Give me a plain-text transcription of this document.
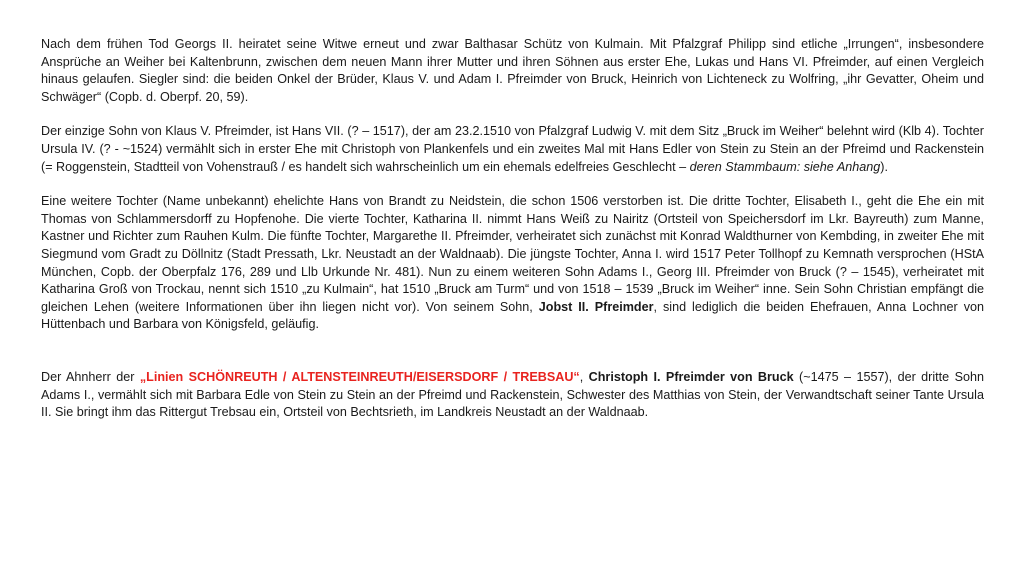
Nach dem frühen Tod Georgs II. heiratet seine Witwe erneut und zwar Balthasar Schütz von Kulmain. Mit Pfalzgraf Philipp sind etliche „Irrungen“, insbesondere Ansprüche an Weiher bei Kaltenbrunn, zwischen dem neuen Mann ihrer Mutter und ihren Söhnen aus erster Ehe, Lukas und Hans VI. Pfreimder, auf einen Vergleich hinaus gelaufen. Siegler sind: die beiden Onkel der Brüder, Klaus V. und Adam I. Pfreimder von Bruck, Heinrich von Lichteneck zu Wolfring, „ihr Gevatter, Oheim und Schwäger“ (Copb. d. Oberpf. 20, 59).

Der einzige Sohn von Klaus V. Pfreimder, ist Hans VII. (? – 1517), der am 23.2.1510 von Pfalzgraf Ludwig V. mit dem Sitz „Bruck im Weiher“ belehnt wird (Klb 4). Tochter Ursula IV. (? - ~1524) vermählt sich in erster Ehe mit Christoph von Plankenfels und ein zweites Mal mit Hans Edler von Stein zu Stein an der Pfreimd und Rackenstein (= Roggenstein, Stadtteil von Vohenstrauß / es handelt sich wahrscheinlich um ein ehemals edelfreies Geschlecht – deren Stammbaum: siehe Anhang).

Eine weitere Tochter (Name unbekannt) ehelichte Hans von Brandt zu Neidstein, die schon 1506 verstorben ist. Die dritte Tochter, Elisabeth I., geht die Ehe ein mit Thomas von Schlammersdorff zu Hopfenohe. Die vierte Tochter, Katharina II. nimmt Hans Weiß zu Nairitz (Ortsteil von Speichersdorf im Lkr. Bayreuth) zum Manne, Kastner und Richter zum Rauhen Kulm. Die fünfte Tochter, Margarethe II. Pfreimder, verheiratet sich zunächst mit Konrad Waldthurner von Kembding, in zweiter Ehe mit Siegmund vom Gradt zu Döllnitz (Stadt Pressath, Lkr. Neustadt an der Waldnaab). Die jüngste Tochter, Anna I. wird 1517 Peter Tollhopf zu Kemnath versprochen (HStA München, Copb. der Oberpfalz 176, 289 und Llb Urkunde Nr. 481). Nun zu einem weiteren Sohn Adams I., Georg III. Pfreimder von Bruck (? – 1545), verheiratet mit Katharina Groß von Trockau, nennt sich 1510 „zu Kulmain“, hat 1510 „Bruck am Turm“ und von 1518 – 1539 „Bruck im Weiher“ inne. Sein Sohn Christian empfängt die gleichen Lehen (weitere Informationen über ihn liegen nicht vor). Von seinem Sohn, Jobst II. Pfreimder, sind lediglich die beiden Ehefrauen, Anna Lochner von Hüttenbach und Barbara von Königsfeld, geläufig.

Der Ahnherr der „Linien SCHÖNREUTH / ALTENSTEINREUTH/EISERSDORF / TREBSAU“, Christoph I. Pfreimder von Bruck (~1475 – 1557), der dritte Sohn Adams I., vermählt sich mit Barbara Edle von Stein zu Stein an der Pfreimd und Rackenstein, Schwester des Matthias von Stein, der Verwandtschaft seiner Tante Ursula II. Sie bringt ihm das Rittergut Trebsau ein, Ortsteil von Bechtsrieth, im Landkreis Neustadt an der Waldnaab.
